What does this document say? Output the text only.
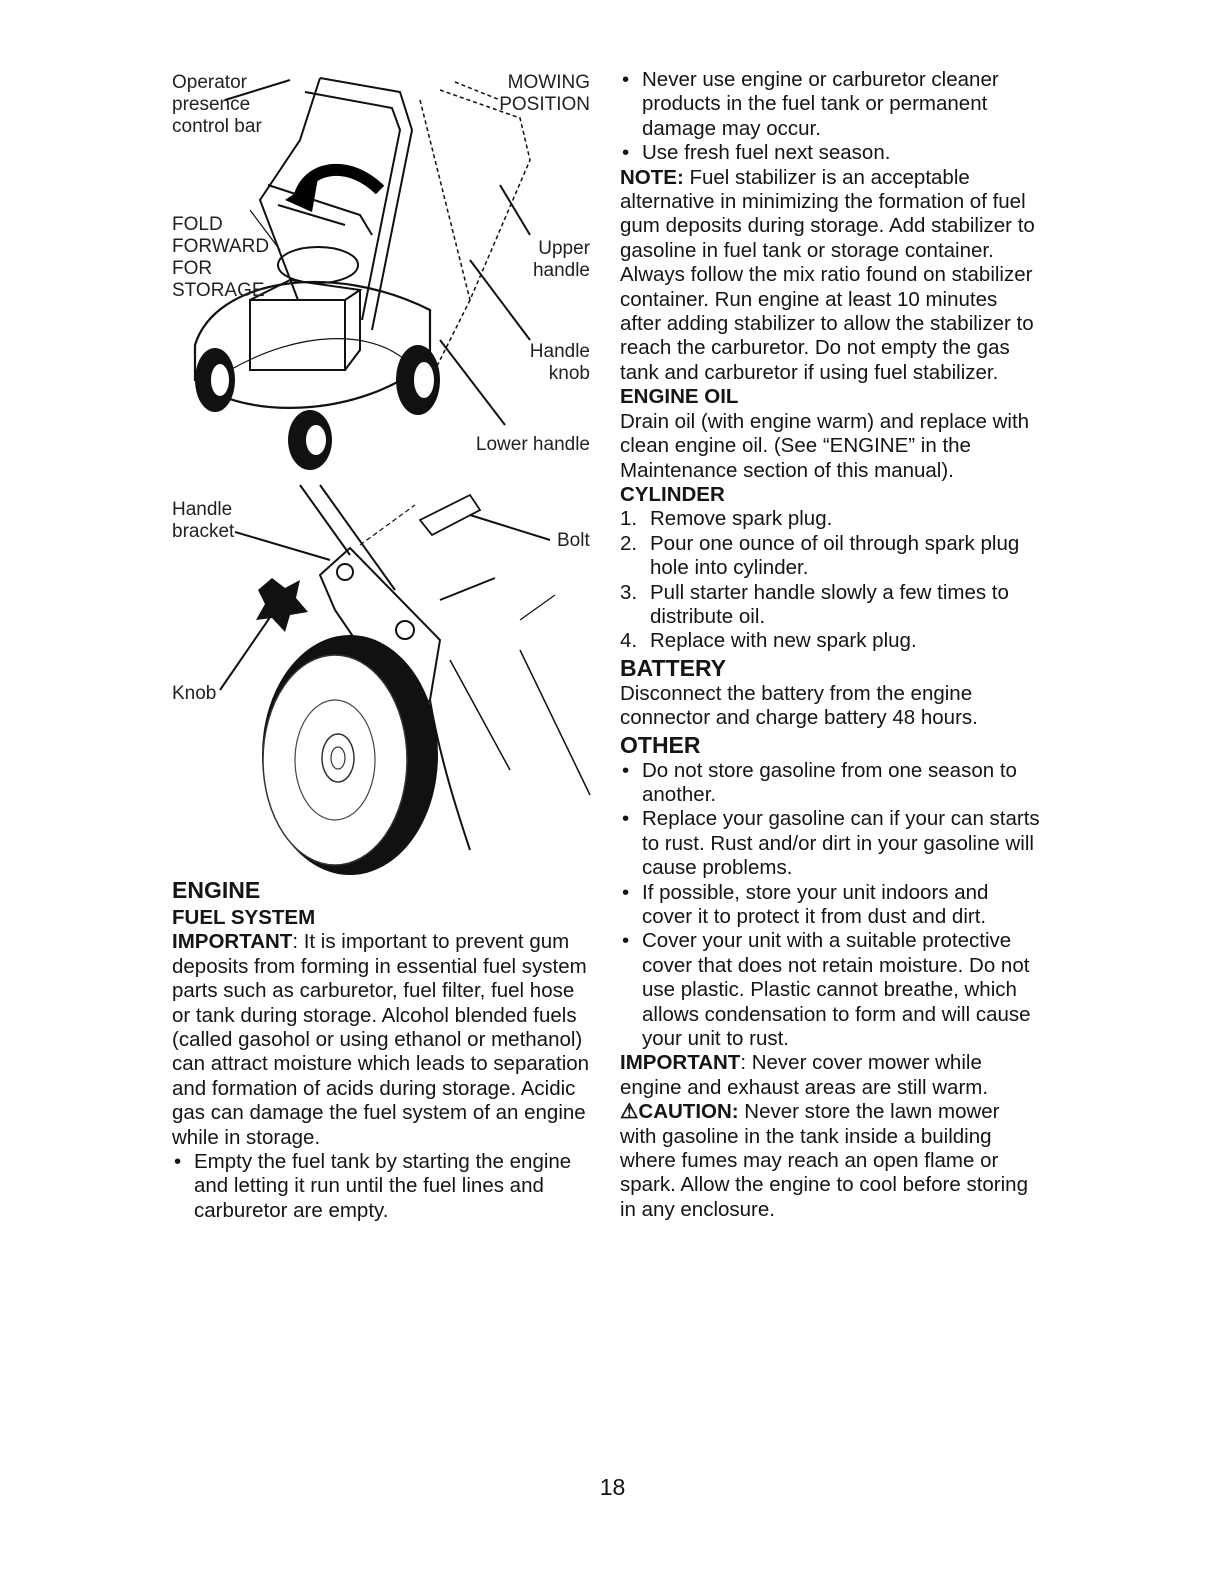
Operator
presence
control bar
MOWING
POSITION
FOLD
FORWARD
FOR
STORAGE
Upper
handle
Handle
knob
Lower handle
Handle
bracket	Bolt
Knob

ENGINE

FUEL SYSTEM

IMPORTANT: It is important to prevent gum deposits from forming in essential fuel system parts such as carburetor, fuel filter, fuel hose or tank during storage. Alcohol blended fuels (called gasohol or using ethanol or methanol) can attract moisture which leads to separation and formation of acids during storage. Acidic gas can damage the fuel system of an engine while in storage.

• Empty the fuel tank by starting the engine and letting it run until the fuel lines and carburetor are empty.

• Never use engine or carburetor cleaner products in the fuel tank or permanent damage may occur.

• Use fresh fuel next season.

NOTE: Fuel stabilizer is an acceptable alternative in minimizing the formation of fuel gum deposits during storage. Add stabilizer to gasoline in fuel tank or storage container. Always follow the mix ratio found on stabilizer container. Run engine at least 10 minutes after adding stabilizer to allow the stabilizer to reach the carburetor. Do not empty the gas tank and carburetor if using fuel stabilizer.

ENGINE OIL

Drain oil (with engine warm) and replace with clean engine oil. (See “ENGINE” in the Maintenance section of this manual).

CYLINDER

1. Remove spark plug.

2. Pour one ounce of oil through spark plug hole into cylinder.

3. Pull starter handle slowly a few times to distribute oil.

4. Replace with new spark plug.

BATTERY

Disconnect the battery from the engine connector and charge battery 48 hours.

OTHER

• Do not store gasoline from one season to another.

• Replace your gasoline can if your can starts to rust. Rust and/or dirt in your gasoline will cause problems.

• If possible, store your unit indoors and cover it to protect it from dust and dirt.

• Cover your unit with a suitable protective cover that does not retain moisture. Do not use plastic. Plastic cannot breathe, which allows condensation to form and will cause your unit to rust.

IMPORTANT: Never cover mower while engine and exhaust areas are still warm.

⚠CAUTION: Never store the lawn mower with gasoline in the tank inside a building where fumes may reach an open flame or spark. Allow the engine to cool before storing in any enclosure.

18
